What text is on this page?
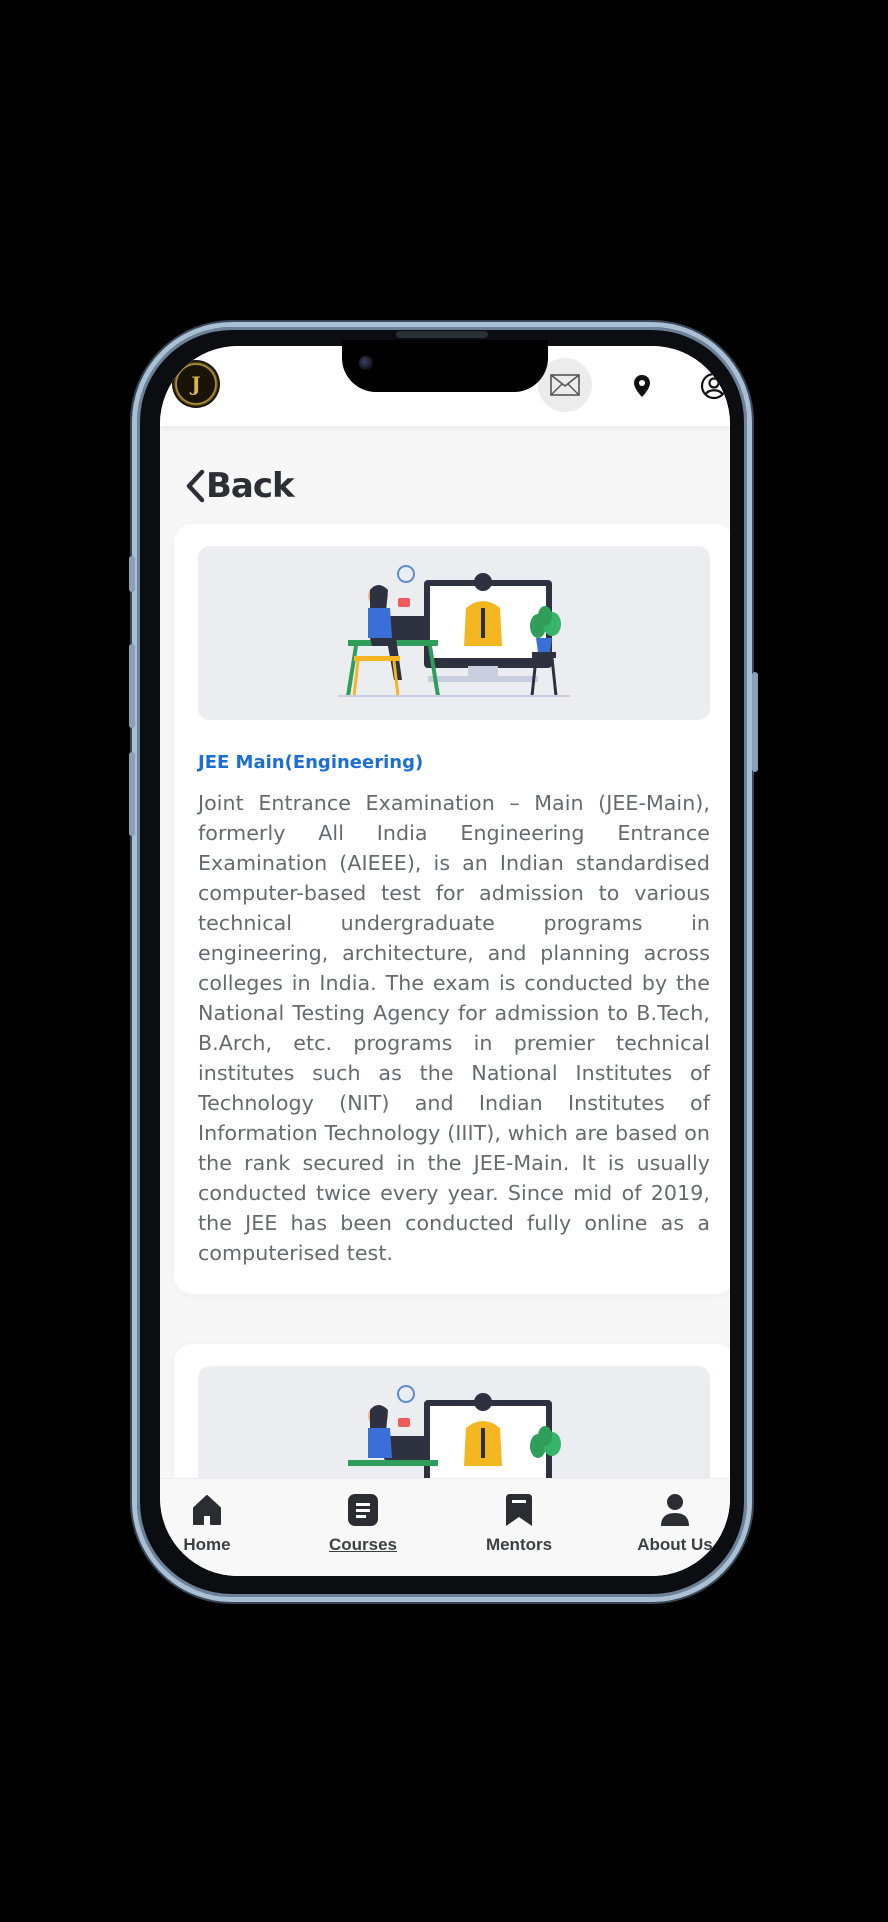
J
Back
JEE Main(Engineering)

Joint Entrance Examination – Main (JEE-Main), formerly All India Engineering Entrance Examination (AIEEE), is an Indian standardised computer-based test for admission to various technical undergraduate programs in engineering, architecture, and planning across colleges in India. The exam is conducted by the National Testing Agency for admission to B.Tech, B.Arch, etc. programs in premier technical institutes such as the National Institutes of Technology (NIT) and Indian Institutes of Information Technology (IIIT), which are based on the rank secured in the JEE-Main. It is usually conducted twice every year. Since mid of 2019, the JEE has been conducted fully online as a computerised test.

Home	Courses	Mentors	About Us
